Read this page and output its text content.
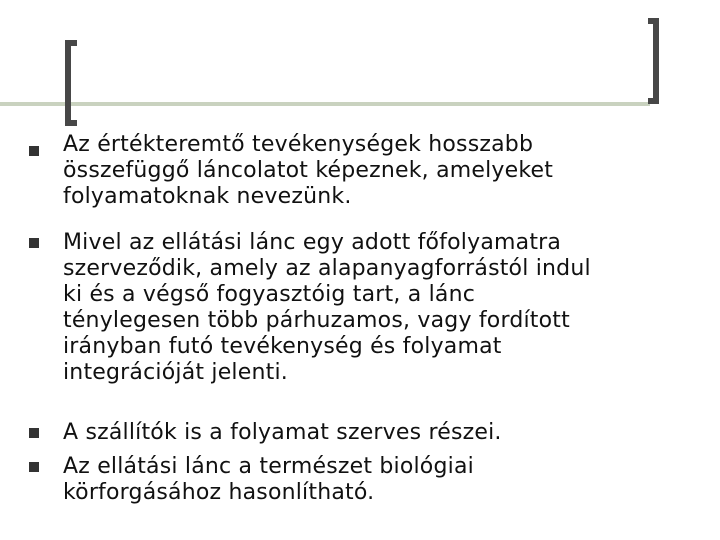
Az értékteremtő tevékenységek hosszabb
összefüggő láncolatot képeznek, amelyeket
folyamatoknak nevezünk.

Mivel az ellátási lánc egy adott főfolyamatra
szerveződik, amely az alapanyagforrástól indul
ki és a végső fogyasztóig tart, a lánc
ténylegesen több párhuzamos, vagy fordított
irányban futó tevékenység és folyamat
integrációját jelenti.

A szállítók is a folyamat szerves részei.

Az ellátási lánc a természet biológiai
körforgásához hasonlítható.
